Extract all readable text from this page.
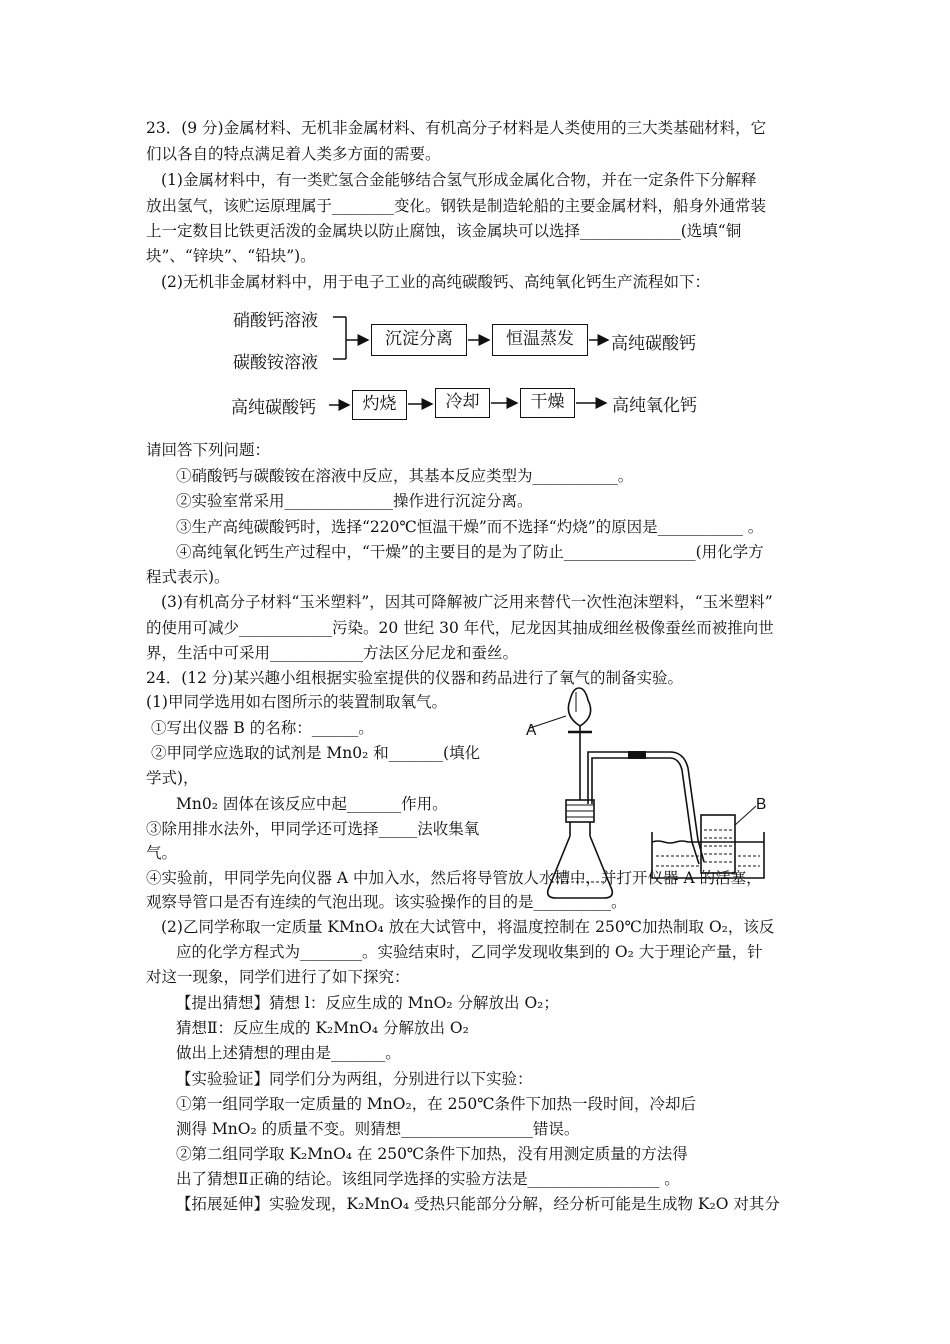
23．(9 分)金属材料、无机非金属材料、有机高分子材料是人类使用的三大类基础材料，它
们以各自的特点满足着人类多方面的需要。
(1)金属材料中，有一类贮氢合金能够结合氢气形成金属化合物，并在一定条件下分解释
放出氢气，该贮运原理属于________变化。钢铁是制造轮船的主要金属材料，船身外通常装
上一定数目比铁更活泼的金属块以防止腐蚀，该金属块可以选择_____________(选填“铜
块”、“锌块”、“铅块”)。
(2)无机非金属材料中，用于电子工业的高纯碳酸钙、高纯氧化钙生产流程如下：
硝酸钙溶液
碳酸铵溶液
沉淀分离	恒温蒸发	高纯碳酸钙
高纯碳酸钙	灼烧	冷却	干燥	高纯氧化钙
请回答下列问题：
①硝酸钙与碳酸铵在溶液中反应，其基本反应类型为___________。
②实验室常采用______________操作进行沉淀分离。
③生产高纯碳酸钙时，选择“220℃恒温干燥”而不选择“灼烧”的原因是___________ 。
④高纯氧化钙生产过程中，“干燥”的主要目的是为了防止_________________(用化学方
程式表示)。
(3)有机高分子材料“玉米塑料”，因其可降解被广泛用来替代一次性泡沫塑料，“玉米塑料”
的使用可减少____________污染。20 世纪 30 年代，尼龙因其抽成细丝极像蚕丝而被推向世
界，生活中可采用____________方法区分尼龙和蚕丝。
24．(12 分)某兴趣小组根据实验室提供的仪器和药品进行了氧气的制备实验。
(1)甲同学选用如右图所示的装置制取氧气。
①写出仪器 B 的名称：______。
②甲同学应选取的试剂是 Mn0₂ 和_______(填化
学式)，
Mn0₂ 固体在该反应中起_______作用。
③除用排水法外，甲同学还可选择_____法收集氧
气。
A
B
④实验前，甲同学先向仪器 A 中加入水，然后将导管放人水槽中，并打开仪器 A 的活塞，
观察导管口是否有连续的气泡出现。该实验操作的目的是__________。
(2)乙同学称取一定质量 KMnO₄ 放在大试管中，将温度控制在 250℃加热制取 O₂，该反
应的化学方程式为________。实验结束时，乙同学发现收集到的 O₂ 大于理论产量，针
对这一现象，同学们进行了如下探究：
【提出猜想】猜想 l：反应生成的 MnO₂ 分解放出 O₂；
猜想Ⅱ：反应生成的 K₂MnO₄ 分解放出 O₂
做出上述猜想的理由是_______。
【实验验证】同学们分为两组，分别进行以下实验：
①第一组同学取一定质量的 MnO₂，在 250℃条件下加热一段时间，冷却后
测得 MnO₂ 的质量不变。则猜想_________________错误。
②第二组同学取 K₂MnO₄ 在 250℃条件下加热，没有用测定质量的方法得
出了猜想Ⅱ正确的结论。该组同学选择的实验方法是_________________ 。
【拓展延伸】实验发现，K₂MnO₄ 受热只能部分分解，经分析可能是生成物 K₂O 对其分
